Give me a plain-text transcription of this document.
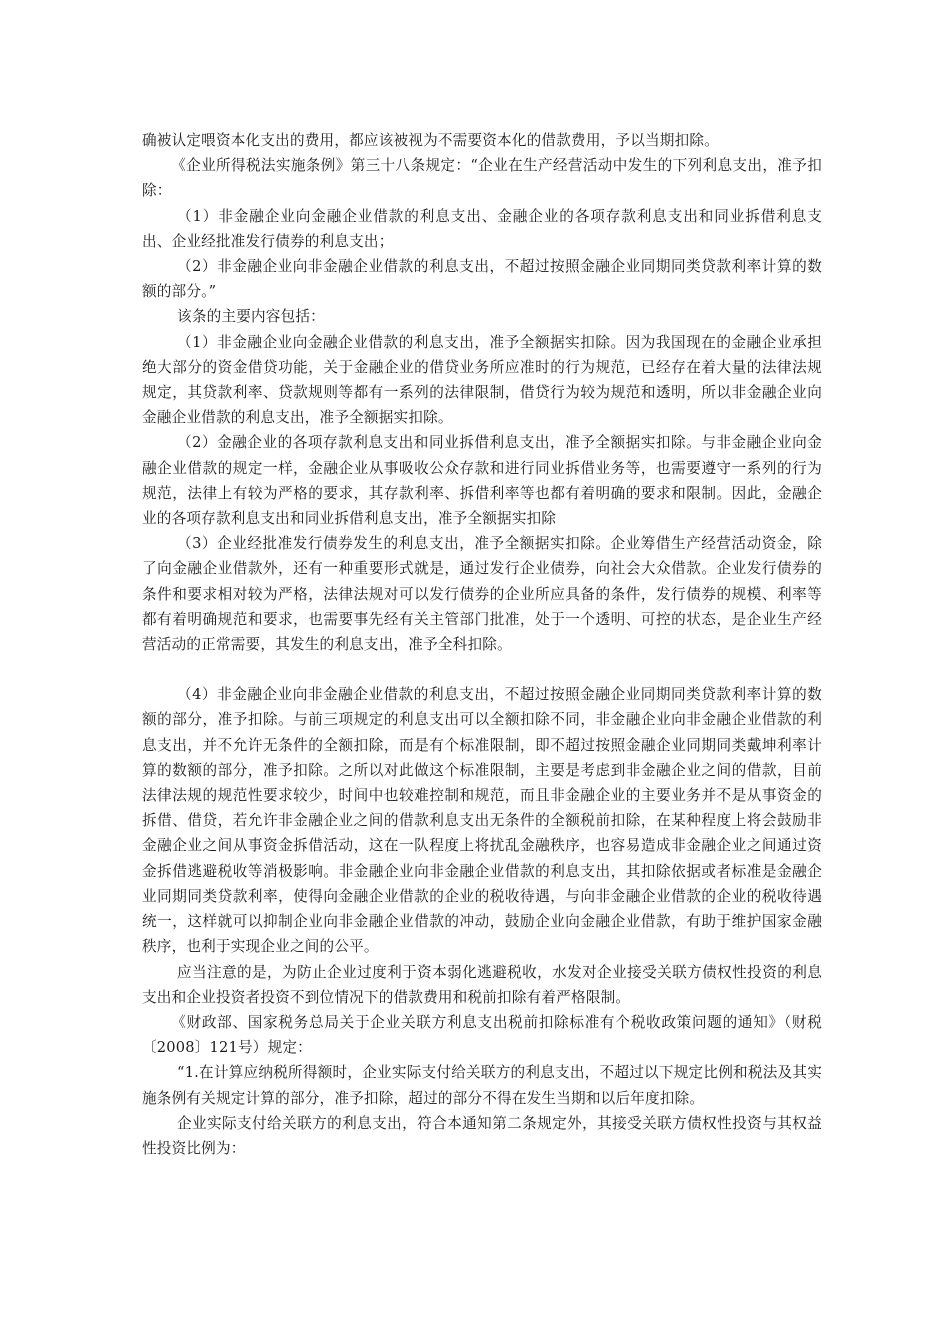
确被认定喂资本化支出的费用，都应该被视为不需要资本化的借款费用，予以当期扣除。

《企业所得税法实施条例》第三十八条规定：“企业在生产经营活动中发生的下列利息支出，准予扣除：

（1）非金融企业向金融企业借款的利息支出、金融企业的各项存款利息支出和同业拆借利息支出、企业经批准发行债券的利息支出；

（2）非金融企业向非金融企业借款的利息支出，不超过按照金融企业同期同类贷款利率计算的数额的部分。”

该条的主要内容包括：

（1）非金融企业向金融企业借款的利息支出，准予全额据实扣除。因为我国现在的金融企业承担绝大部分的资金借贷功能，关于金融企业的借贷业务所应准时的行为规范，已经存在着大量的法律法规规定，其贷款利率、贷款规则等都有一系列的法律限制，借贷行为较为规范和透明，所以非金融企业向金融企业借款的利息支出，准予全额据实扣除。

（2）金融企业的各项存款利息支出和同业拆借利息支出，准予全额据实扣除。与非金融企业向金融企业借款的规定一样，金融企业从事吸收公众存款和进行同业拆借业务等，也需要遵守一系列的行为规范，法律上有较为严格的要求，其存款利率、拆借利率等也都有着明确的要求和限制。因此，金融企业的各项存款利息支出和同业拆借利息支出，准予全额据实扣除

（3）企业经批准发行债券发生的利息支出，准予全额据实扣除。企业筹借生产经营活动资金，除了向金融企业借款外，还有一种重要形式就是，通过发行企业债券，向社会大众借款。企业发行债券的条件和要求相对较为严格，法律法规对可以发行债券的企业所应具备的条件，发行债券的规模、利率等都有着明确规范和要求，也需要事先经有关主管部门批准，处于一个透明、可控的状态，是企业生产经营活动的正常需要，其发生的利息支出，准予全科扣除。

（4）非金融企业向非金融企业借款的利息支出，不超过按照金融企业同期同类贷款利率计算的数额的部分，准予扣除。与前三项规定的利息支出可以全额扣除不同，非金融企业向非金融企业借款的利息支出，并不允许无条件的全额扣除，而是有个标准限制，即不超过按照金融企业同期同类戴坤利率计算的数额的部分，准予扣除。之所以对此做这个标准限制，主要是考虑到非金融企业之间的借款，目前法律法规的规范性要求较少，时间中也较难控制和规范，而且非金融企业的主要业务并不是从事资金的拆借、借贷，若允许非金融企业之间的借款利息支出无条件的全额税前扣除，在某种程度上将会鼓励非金融企业之间从事资金拆借活动，这在一队程度上将扰乱金融秩序，也容易造成非金融企业之间通过资金拆借逃避税收等消极影响。非金融企业向非金融企业借款的利息支出，其扣除依据或者标准是金融企业同期同类贷款利率，使得向金融企业借款的企业的税收待遇，与向非金融企业借款的企业的税收待遇统一，这样就可以抑制企业向非金融企业借款的冲动，鼓励企业向金融企业借款，有助于维护国家金融秩序，也利于实现企业之间的公平。

应当注意的是，为防止企业过度利于资本弱化逃避税收，水发对企业接受关联方债权性投资的利息支出和企业投资者投资不到位情况下的借款费用和税前扣除有着严格限制。

《财政部、国家税务总局关于企业关联方利息支出税前扣除标准有个税收政策问题的通知》（财税〔2008〕121号）规定：

“1.在计算应纳税所得额时，企业实际支付给关联方的利息支出，不超过以下规定比例和税法及其实施条例有关规定计算的部分，准予扣除，超过的部分不得在发生当期和以后年度扣除。

企业实际支付给关联方的利息支出，符合本通知第二条规定外，其接受关联方债权性投资与其权益性投资比例为：
